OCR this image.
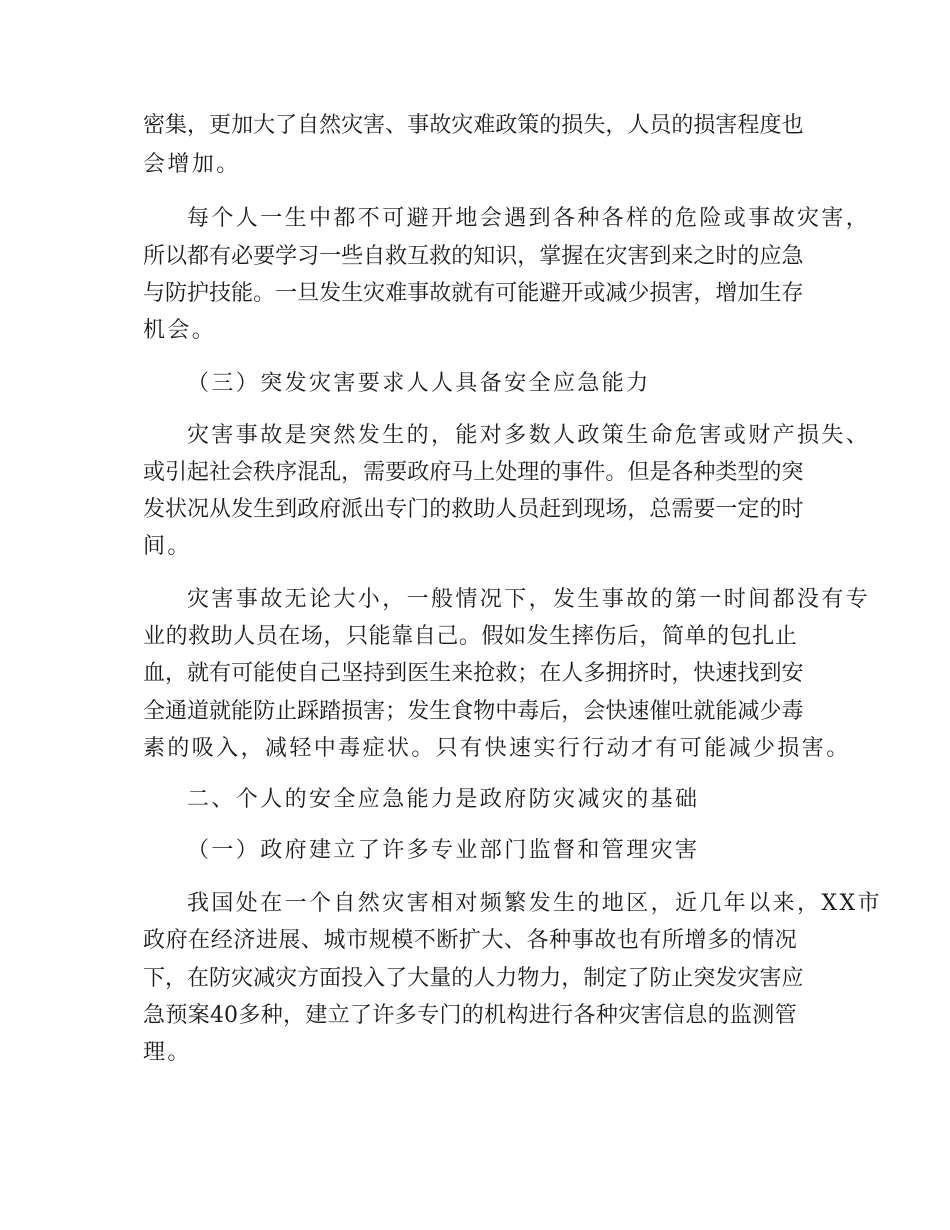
密 集 ， 更 加 大 了 自 然 灾 害 、 事 故 灾 难 政 策 的 损 失 ， 人 员 的 损 害 程 度 也
会增加。
每个人一生中都不可避开地会遇到各种各样的危险或事故灾害，
所 以 都 有 必 要 学 习 一 些 自 救 互 救 的 知 识 ， 掌 握 在 灾 害 到 来 之 时 的 应 急
与 防 护 技 能 。 一 旦 发 生 灾 难 事 故 就 有 可 能 避 开 或 减 少 损 害 ， 增 加 生 存
机会。
（三）突发灾害要求人人具备安全应急能力
灾害事故是突然发生的，能对多数人政策生命危害或财产损失、
或 引 起 社 会 秩 序 混 乱 ， 需 要 政 府 马 上 处 理 的 事 件 。 但 是 各 种 类 型 的 突
发 状 况 从 发 生 到 政 府 派 出 专 门 的 救 助 人 员 赶 到 现 场 ， 总 需 要 一 定 的 时
间。
灾害事故无论大小，一般情况下，发生事故的第一时间都没有专
业 的 救 助 人 员 在 场 ， 只 能 靠 自 己 。 假 如 发 生 摔 伤 后 ， 简 单 的 包 扎 止
血 ， 就 有 可 能 使 自 己 坚 持 到 医 生 来 抢 救 ； 在 人 多 拥 挤 时 ， 快 速 找 到 安
全 通 道 就 能 防 止 踩 踏 损 害 ； 发 生 食 物 中 毒 后 ， 会 快 速 催 吐 就 能 减 少 毒
素的吸入，减轻中毒症状。只有快速实行行动才有可能减少损害。
二、个人的安全应急能力是政府防灾减灾的基础
（一）政府建立了许多专业部门监督和管理灾害
我国处在一个自然灾害相对频繁发生的地区，近几年以来，XX市
政 府 在 经 济 进 展 、 城 市 规 模 不 断 扩 大 、 各 种 事 故 也 有 所 增 多 的 情 况
下 ， 在 防 灾 减 灾 方 面 投 入 了 大 量 的 人 力 物 力 ， 制 定 了 防 止 突 发 灾 害 应
急 预 案 40 多 种 ， 建 立 了 许 多 专 门 的 机 构 进 行 各 种 灾 害 信 息 的 监 测 管
理。
